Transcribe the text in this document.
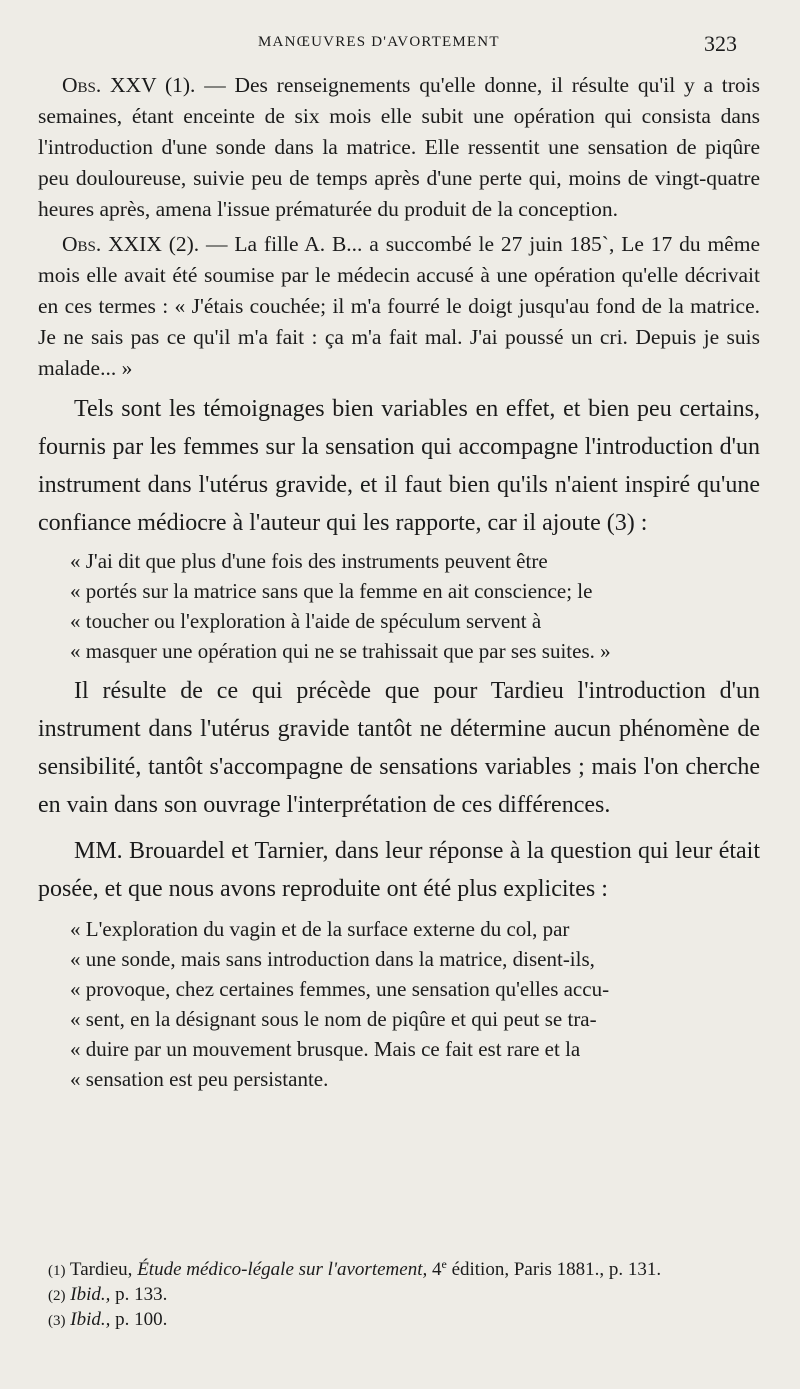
MANŒUVRES D'AVORTEMENT	323

Obs. XXV (1). — Des renseignements qu'elle donne, il résulte qu'il y a trois semaines, étant enceinte de six mois elle subit une opération qui consista dans l'introduction d'une sonde dans la matrice. Elle ressentit une sensation de piqûre peu douloureuse, suivie peu de temps après d'une perte qui, moins de vingt-quatre heures après, amena l'issue prématurée du produit de la conception.

Obs. XXIX (2). — La fille A. B... a succombé le 27 juin 185`, Le 17 du même mois elle avait été soumise par le médecin accusé à une opération qu'elle décrivait en ces termes : « J'étais couchée; il m'a fourré le doigt jusqu'au fond de la matrice. Je ne sais pas ce qu'il m'a fait : ça m'a fait mal. J'ai poussé un cri. Depuis je suis malade... »

Tels sont les témoignages bien variables en effet, et bien peu certains, fournis par les femmes sur la sensation qui accompagne l'introduction d'un instrument dans l'utérus gravide, et il faut bien qu'ils n'aient inspiré qu'une confiance médiocre à l'auteur qui les rapporte, car il ajoute (3) :

« J'ai dit que plus d'une fois des instruments peuvent être

« portés sur la matrice sans que la femme en ait conscience; le

« toucher ou l'exploration à l'aide de spéculum servent à

« masquer une opération qui ne se trahissait que par ses suites. »

Il résulte de ce qui précède que pour Tardieu l'introduction d'un instrument dans l'utérus gravide tantôt ne détermine aucun phénomène de sensibilité, tantôt s'accompagne de sensations variables ; mais l'on cherche en vain dans son ouvrage l'interprétation de ces différences.

MM. Brouardel et Tarnier, dans leur réponse à la question qui leur était posée, et que nous avons reproduite ont été plus explicites :

« L'exploration du vagin et de la surface externe du col, par

« une sonde, mais sans introduction dans la matrice, disent-ils,

« provoque, chez certaines femmes, une sensation qu'elles accu-

« sent, en la désignant sous le nom de piqûre et qui peut se tra-

« duire par un mouvement brusque. Mais ce fait est rare et la

« sensation est peu persistante.

(1) Tardieu, Étude médico-légale sur l'avortement, 4e édition, Paris 1881., p. 131.

(2) Ibid., p. 133.

(3) Ibid., p. 100.
